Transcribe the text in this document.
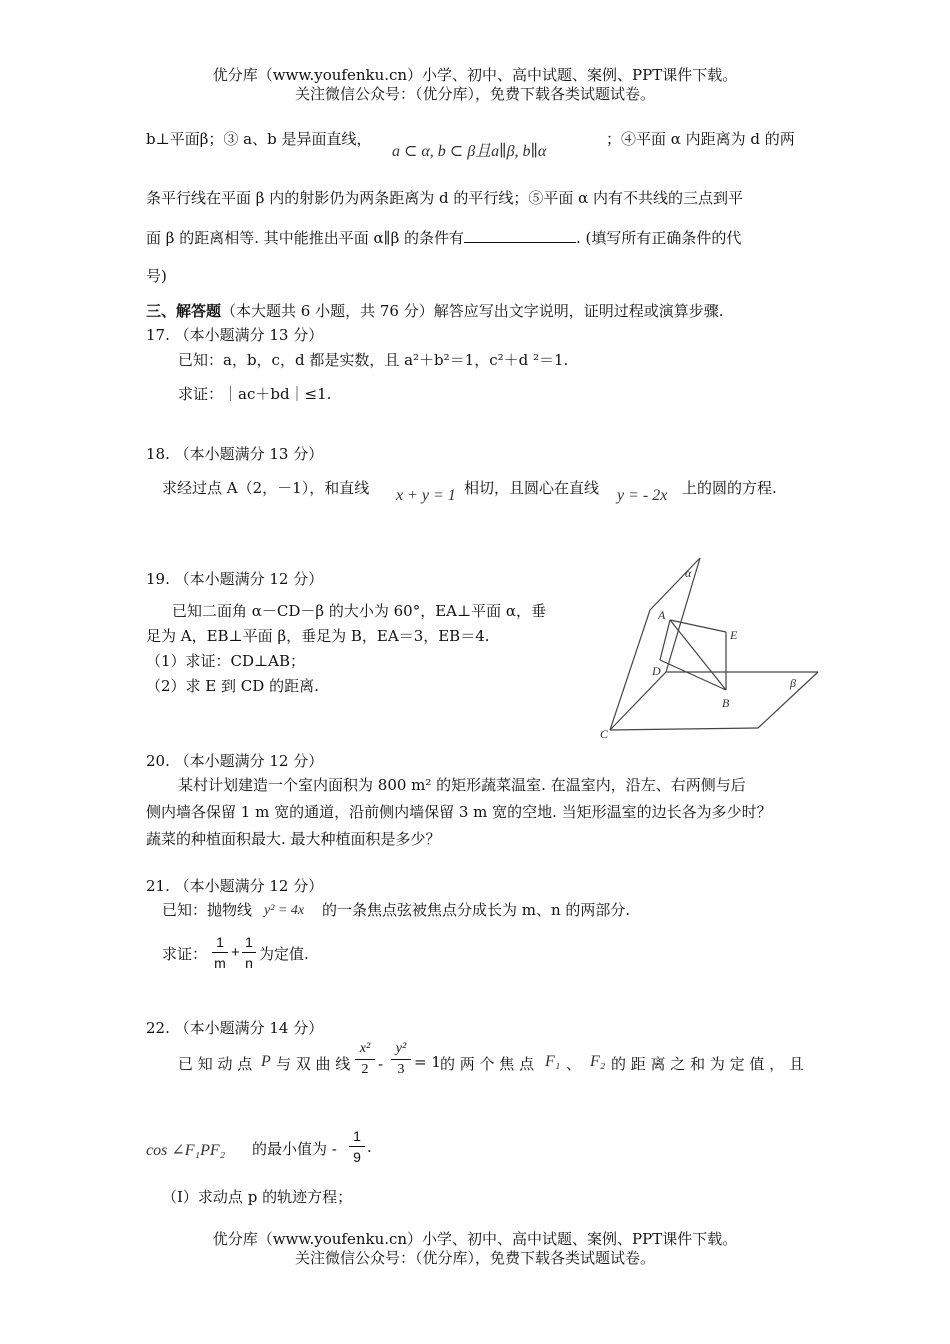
优分库（www.youfenku.cn）小学、初中、高中试题、案例、PPT课件下载。
关注微信公众号：（优分库），免费下载各类试题试卷。
b⊥平面β；③ a、b 是异面直线，
a ⊂ α, b ⊂ β且a∥β, b∥α
；④平面 α 内距离为 d 的两
条平行线在平面 β 内的射影仍为两条距离为 d 的平行线；⑤平面 α 内有不共线的三点到平
面 β 的距离相等. 其中能推出平面 α∥β 的条件有	. (填写所有正确条件的代
号)
三、解答题（本大题共 6 小题，共 76 分）解答应写出文字说明，证明过程或演算步骤.
17. （本小题满分 13 分）
已知：a，b，c，d 都是实数，且 a²＋b²＝1，c²＋d ²＝1.
求证：｜ac＋bd｜≤1.
18. （本小题满分 13 分）
求经过点 A（2，－1），和直线 x + y = 1 相切，且圆心在直线 y = - 2x 上的圆的方程.
19. （本小题满分 12 分）
已知二面角 α－CD－β 的大小为 60°，EA⊥平面 α，垂
足为 A，EB⊥平面 β，垂足为 B，EA＝3，EB＝4.
（1）求证：CD⊥AB；
（2）求 E 到 CD 的距离.
α
β
A
E
D
B
C
20. （本小题满分 12 分）
某村计划建造一个室内面积为 800 m² 的矩形蔬菜温室. 在温室内，沿左、右两侧与后
侧内墙各保留 1 m 宽的通道，沿前侧内墙保留 3 m 宽的空地. 当矩形温室的边长各为多少时？
蔬菜的种植面积最大. 最大种植面积是多少？
21. （本小题满分 12 分）
已知：抛物线 y² = 4x 的一条焦点弦被焦点分成长为 m、n 的两部分.
求证：
1
m
+
1
n 为定值.
22. （本小题满分 14 分）
已 知 动 点 P 与 双 曲 线
x²
2 -
y²
3 = 1 的 两 个 焦 点 F₁ 、 F₂ 的 距 离 之 和 为 定 值 ， 且
cos ∠F₁PF₂ 的最小值为 -
1
9
.
（I）求动点 p 的轨迹方程；
优分库（www.youfenku.cn）小学、初中、高中试题、案例、PPT课件下载。
关注微信公众号：（优分库），免费下载各类试题试卷。
